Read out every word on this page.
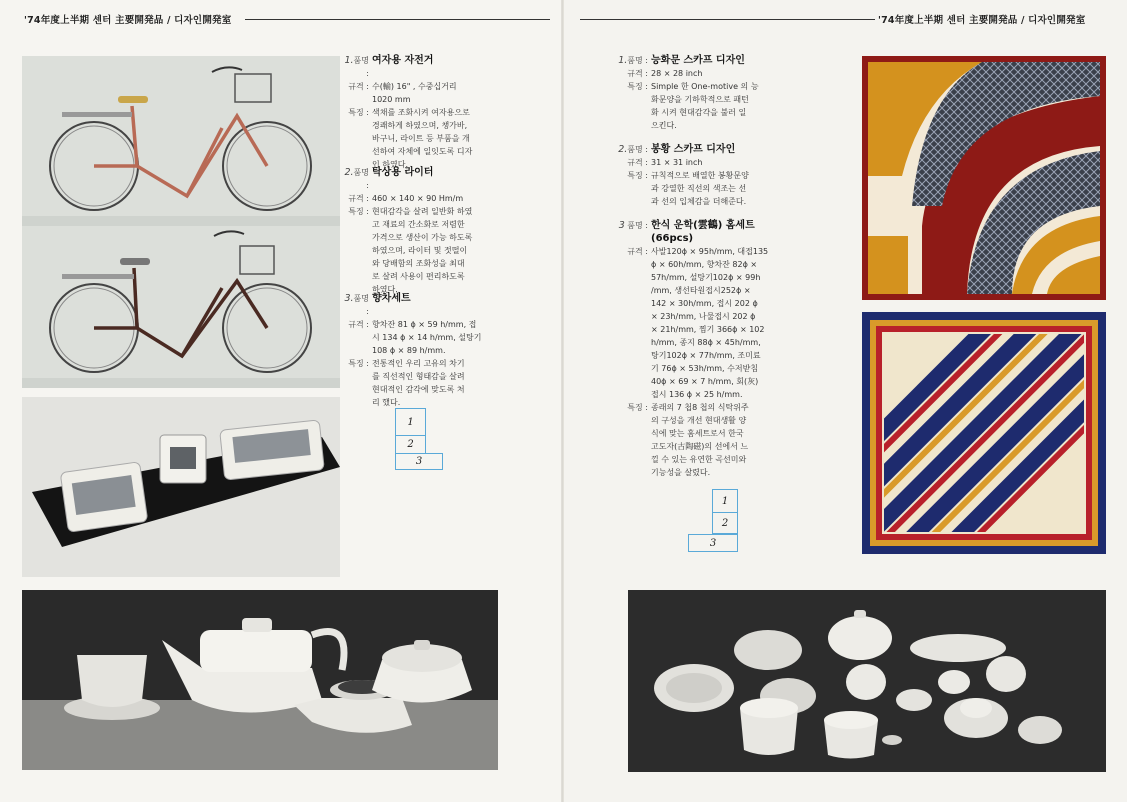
'74年度上半期 센터 主要開発品 / 디자인開発室	'74年度上半期 센터 主要開発品 / 디자인開発室
1.품명 :
여자용 자전거
규격 : 수(輸) 16" , 수중십거리
1020 mm
특징 : 색채를 조화시켜 여자용으로
경쾌하게 하였으며, 챙가바,
바구니, 라이트 등 부품을 개
선하여 자체에 일잇도록 디자
인 하였다.
2.품명 :
탁상용 라이터
규격 : 460 × 140 × 90 Hm/m
특징 : 현대감각을 살려 일반화 하였
고 재료의 간소화로 저렴한
가격으로 생산이 가능 하도록
하였으며, 라이터 및 젓떨이
와 당배함의 조화성을 최대
로 살려 사용이 편리하도록
하였다.
3.품명 :
향차세트
규격 : 향차잔 81 ϕ × 59 h/mm, 접
시 134 ϕ × 14 h/mm, 설탕기
108 ϕ × 89 h/mm.
특징 : 전통적인 우리 고유의 차기
를 직선적인 형태감을 살려
현대적인 감각에 맞도록 처
리 했다.
1
2
3
1.품명 : 능화문 스카프 디자인
규격 : 28 × 28 inch
특징 : Simple 한 One-motive 의 능
화문양을 기하학적으로 패턴
화 시켜 현대감각을 불러 일
으킨다.
2.품명 : 봉황 스카프 디자인
규격 : 31 × 31 inch
특징 : 규칙적으로 배열한 봉황문양
과 강열한 직선의 색조는 선
과 선의 입체감을 더해준다.
3 품명 : 한식 운학(雲鶴) 홈세트
(66pcs)
규격 : 사발120ϕ × 95h/mm, 대접135
ϕ × 60h/mm, 향차잔 82ϕ ×
57h/mm, 설탕기102ϕ × 99h
/mm, 생선타원접시252ϕ ×
142 × 30h/mm, 접시 202 ϕ
× 23h/mm, 나물접시 202 ϕ
× 21h/mm, 찜기 366ϕ × 102
h/mm, 종지 88ϕ × 45h/mm,
탕기102ϕ × 77h/mm, 조미료
기 76ϕ × 53h/mm, 수저받침
40ϕ × 69 × 7 h/mm, 회(灰)
접시 136 ϕ × 25 h/mm.
특징 : 종래의 7 첩8 첩의 식탁위주
의 구성을 개선 현대생활 양
식에 맞는 홈세트로서 한국
고도자(古陶磁)의 선에서 느
낄 수 있는 유연한 곡선미와
기능성을 살렸다.
1
2
3
